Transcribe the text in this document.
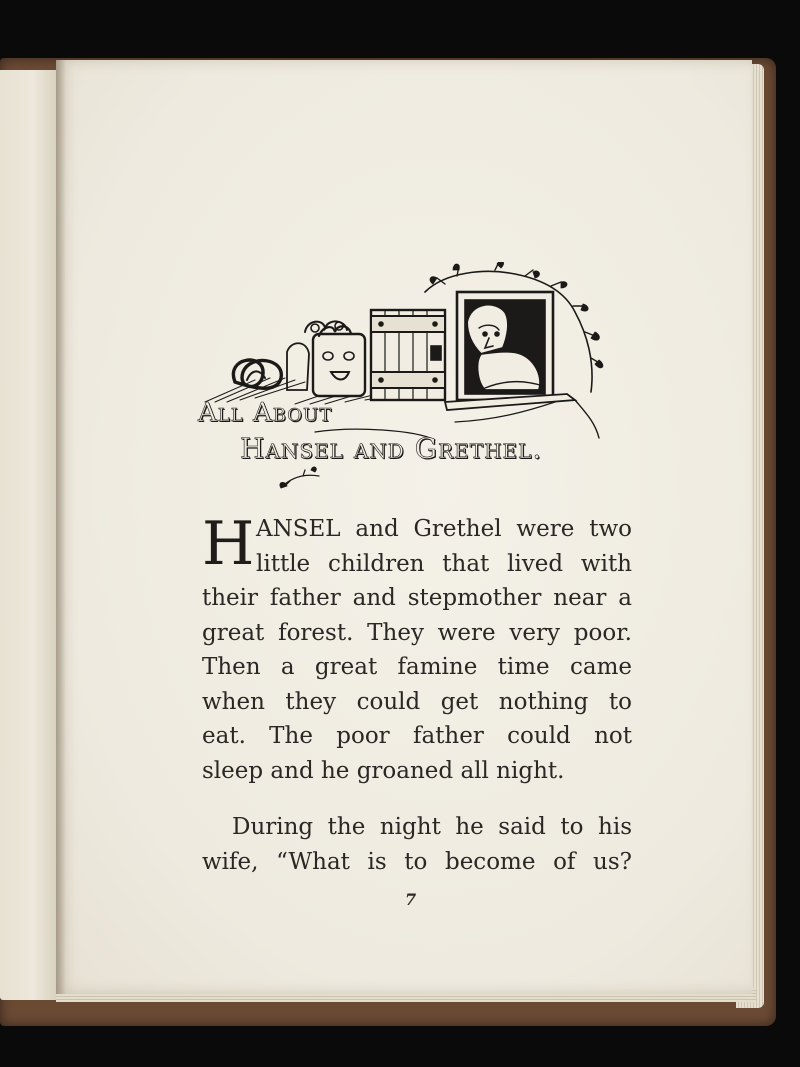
All About
Hansel and Grethel.
H ANSEL and Grethel were two
little children that lived with
their father and stepmother near a
great forest. They were very poor.
Then a great famine time came
when they could get nothing to
eat. The poor father could not
sleep and he groaned all night.
During the night he said to his
wife, “What is to become of us?
7
